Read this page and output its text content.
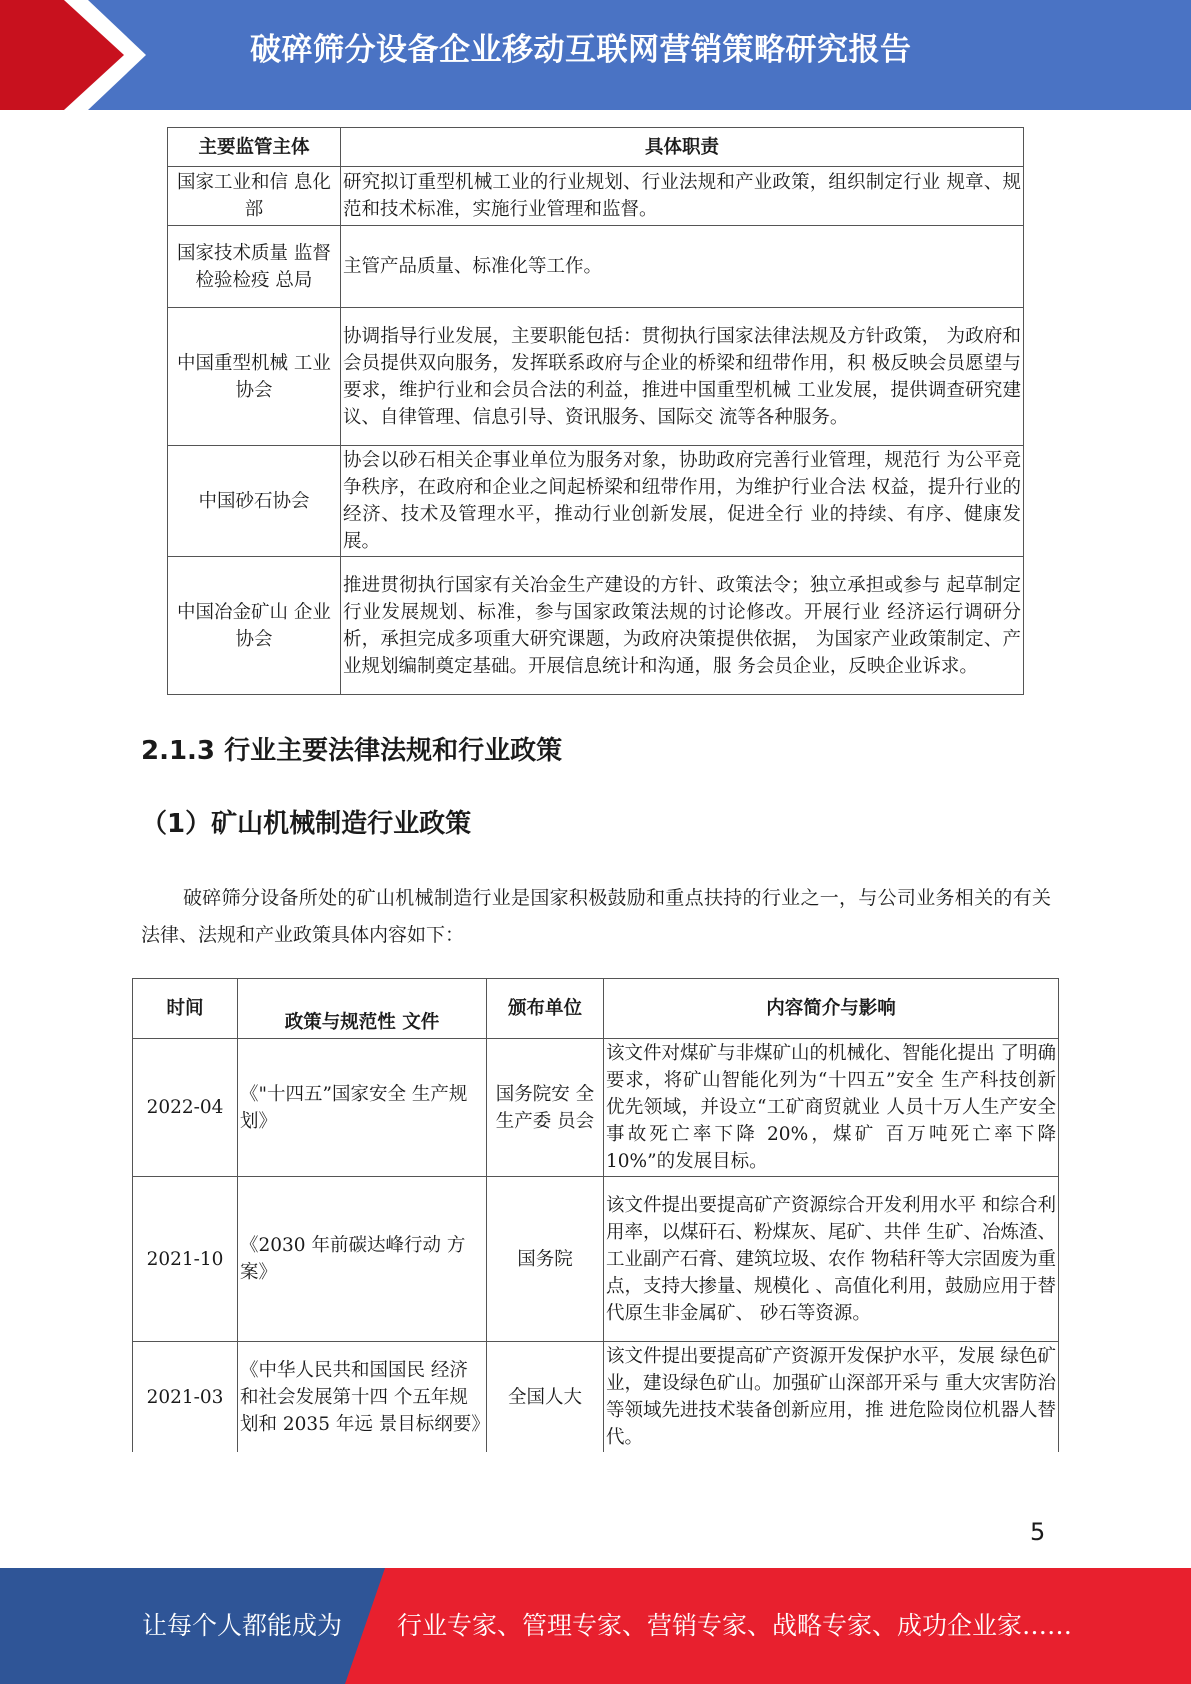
破碎筛分设备企业移动互联网营销策略研究报告
主要监管主体	具体职责
国家工业和信 息化部	研究拟订重型机械工业的行业规划、行业法规和产业政策，组织制定行业 规章、规范和技术标准，实施行业管理和监督。
国家技术质量 监督检验检疫 总局	主管产品质量、标准化等工作。
中国重型机械 工业协会	协调指导行业发展，主要职能包括：贯彻执行国家法律法规及方针政策， 为政府和会员提供双向服务，发挥联系政府与企业的桥梁和纽带作用，积 极反映会员愿望与要求，维护行业和会员合法的利益，推进中国重型机械 工业发展，提供调查研究建议、自律管理、信息引导、资讯服务、国际交 流等各种服务。
中国砂石协会	协会以砂石相关企事业单位为服务对象，协助政府完善行业管理，规范行 为公平竞争秩序，在政府和企业之间起桥梁和纽带作用，为维护行业合法 权益，提升行业的经济、技术及管理水平，推动行业创新发展，促进全行 业的持续、有序、健康发展。
中国冶金矿山 企业协会	推进贯彻执行国家有关冶金生产建设的方针、政策法令；独立承担或参与 起草制定行业发展规划、标准，参与国家政策法规的讨论修改。开展行业 经济运行调研分析，承担完成多项重大研究课题，为政府决策提供依据， 为国家产业政策制定、产业规划编制奠定基础。开展信息统计和沟通，服 务会员企业，反映企业诉求。
2.1.3 行业主要法律法规和行业政策
（1）矿山机械制造行业政策
破碎筛分设备所处的矿山机械制造行业是国家积极鼓励和重点扶持的行业之一，与公司业务相关的有关法律、法规和产业政策具体内容如下：
时间	政策与规范性 文件	颁布单位	内容简介与影响
2022-04	《"十四五”国家安全 生产规划》	国务院安 全生产委 员会	该文件对煤矿与非煤矿山的机械化、智能化提出 了明确要求，将矿山智能化列为“十四五”安全 生产科技创新优先领域，并设立“工矿商贸就业 人员十万人生产安全事故死亡率下降 20%，煤矿 百万吨死亡率下降 10%”的发展目标。
2021-10	《2030 年前碳达峰行动 方案》	国务院	该文件提出要提高矿产资源综合开发利用水平 和综合利用率，以煤矸石、粉煤灰、尾矿、共伴 生矿、冶炼渣、工业副产石膏、建筑垃圾、农作 物秸秆等大宗固废为重点，支持大掺量、规模化 、高值化利用，鼓励应用于替代原生非金属矿、 砂石等资源。
2021-03	《中华人民共和国国民 经济和社会发展第十四 个五年规划和 2035 年远 景目标纲要》	全国人大	该文件提出要提高矿产资源开发保护水平，发展 绿色矿业，建设绿色矿山。加强矿山深部开采与 重大灾害防治等领域先进技术装备创新应用，推 进危险岗位机器人替代。
5
让每个人都能成为 行业专家、管理专家、营销专家、战略专家、成功企业家……
